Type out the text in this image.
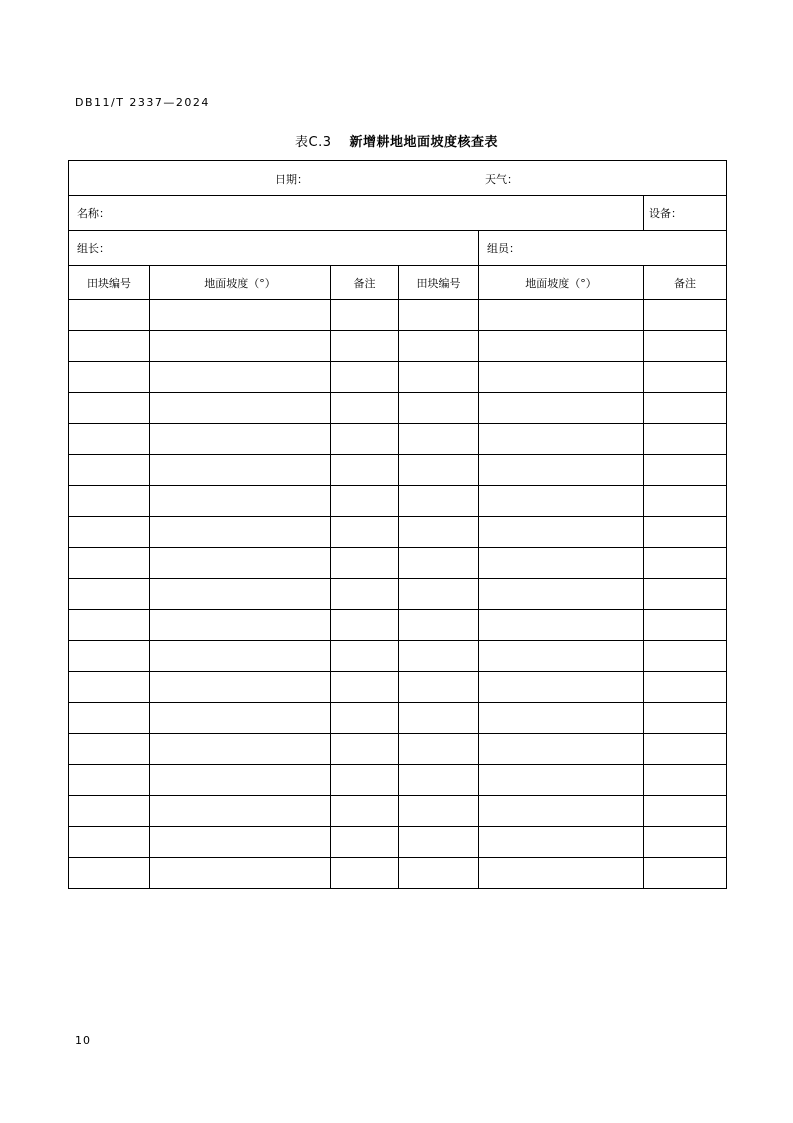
DB11/T 2337—2024
表C.3 新增耕地地面坡度核查表
日期： 天气：					

名称：					设备：
组长：				组员：	
田块编号	地面坡度（°）	备注	田块编号	地面坡度（°）	备注

10
